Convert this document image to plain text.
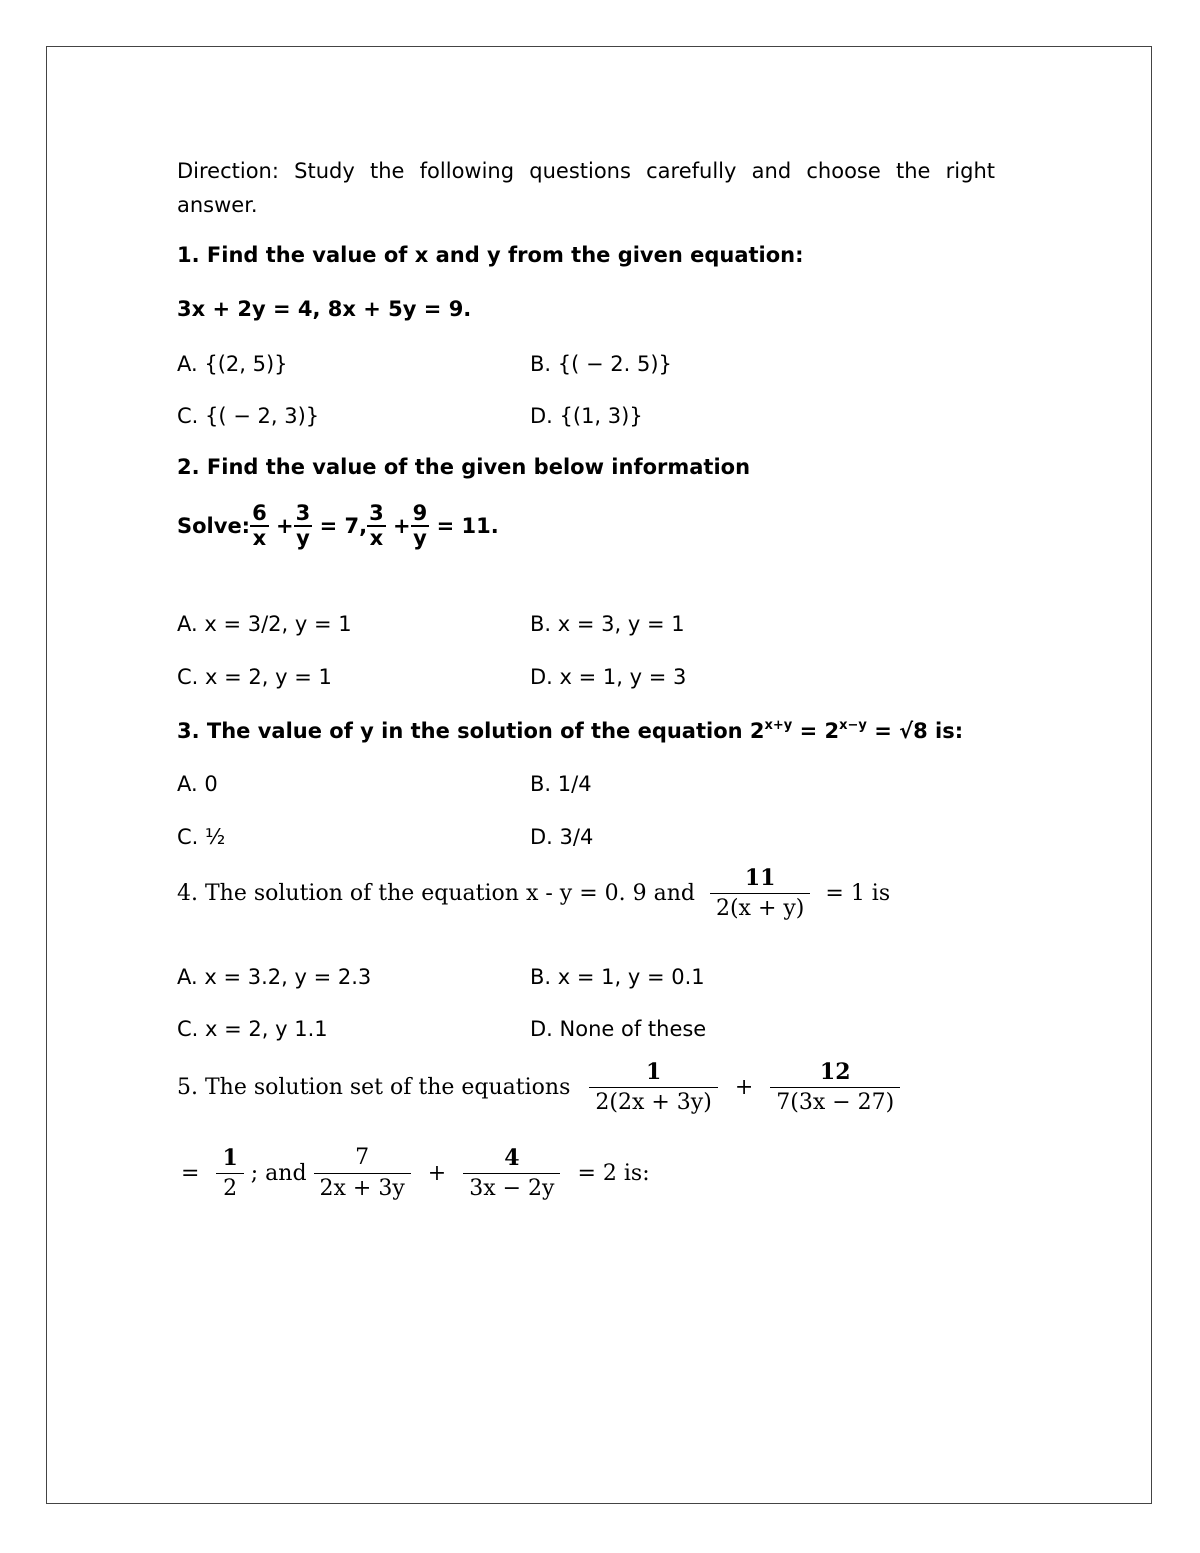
Direction: Study the following questions carefully and choose the right answer.
1. Find the value of x and y from the given equation:
3x + 2y = 4, 8x + 5y = 9.
A. {(2, 5)}	B. {( − 2. 5)}
C. {( − 2, 3)}	D. {(1, 3)}
2. Find the value of the given below information
Solve: $\frac{6}{x} + \frac{3}{y} = 7$, $\frac{3}{x} + \frac{9}{y} = 11$.
A. x = 3/2, y = 1	B. x = 3, y = 1
C. x = 2, y = 1	D. x = 1, y = 3
3. The value of y in the solution of the equation $2^{x+y} = 2^{x-y} = √8$ is:
A. 0	B. 1/4
C. ½	D. 3/4
4. The solution of the equation x - y = 0. 9 and $\frac{11}{2(x + y)} = 1$ is
A. x = 3.2, y = 2.3	B. x = 1, y = 0.1
C. x = 2, y 1.1	D. None of these
5. The solution set of the equations $\frac{1}{2(2x + 3y)} + \frac{12}{7(3x - 27)}$
= $\frac{1}{2}$ ; and $\frac{7}{2x + 3y} + \frac{4}{3x - 2y} = 2$ is:
